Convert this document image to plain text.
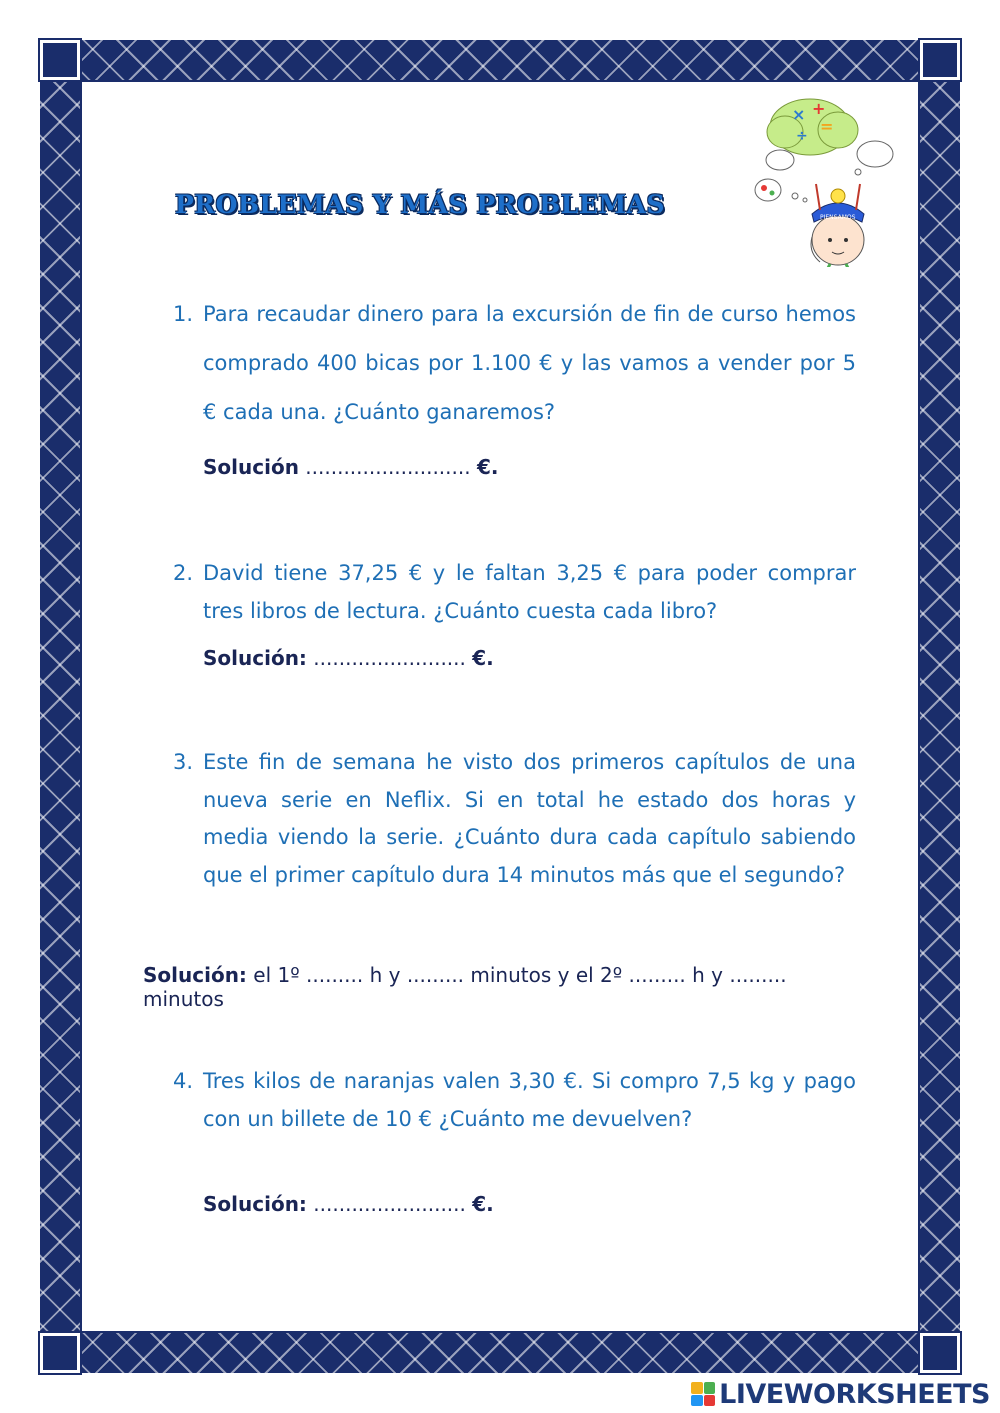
PROBLEMAS Y MÁS PROBLEMAS
× +
=
÷
PIENSAMOS
1. Para recaudar dinero para la excursión de fin de curso hemos comprado 400 bicas por 1.100 € y las vamos a vender por 5 € cada una. ¿Cuánto ganaremos?
Solución .......................... €.
2. David tiene 37,25 € y le faltan 3,25 € para poder comprar tres libros de lectura. ¿Cuánto cuesta cada libro?
Solución: ........................ €.
3. Este fin de semana he visto dos primeros capítulos de una nueva serie en Neflix. Si en total he estado dos horas y media viendo la serie. ¿Cuánto dura cada capítulo sabiendo que el primer capítulo dura 14 minutos más que el segundo?
Solución: el 1º ......... h y ......... minutos y el 2º ......... h y ......... minutos
4. Tres kilos de naranjas valen 3,30 €. Si compro 7,5 kg y pago con un billete de 10 € ¿Cuánto me devuelven?
Solución: ........................ €.
LIVEWORKSHEETS
